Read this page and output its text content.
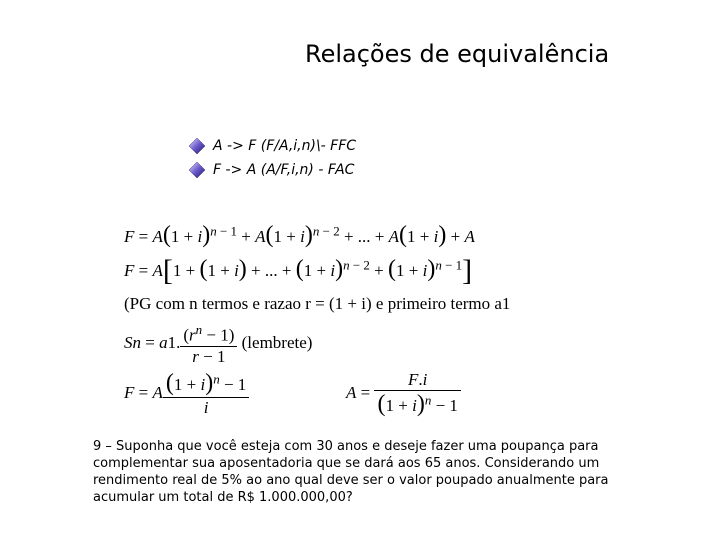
Relações de equivalência
A -> F (F/A,i,n)\- FFC
F -> A (A/F,i,n) - FAC
$F = A(1 + i)^{n - 1} + A(1 + i)^{n - 2}$ + ... + A(1 + i) + A
F = A[1 + (1 + i) + ... + $(1 + i)^{n - 2} + (1 + i)^{n - 1}$]
(PG com n termos e razao r = (1 + i) e primeiro termo a1
Sn = a1. $\frac{(r^n - 1)}{r - 1}$ (lembrete)
F = A $\frac{(1 + i)^n - 1}{i}$	$A = \frac{F.i}{(1 + i)^n - 1}$
9 – Suponha que você esteja com 30 anos e deseje fazer uma poupança para complementar sua aposentadoria que se dará aos 65 anos. Considerando um rendimento real de 5% ao ano qual deve ser o valor poupado anualmente para acumular um total de R$ 1.000.000,00?
